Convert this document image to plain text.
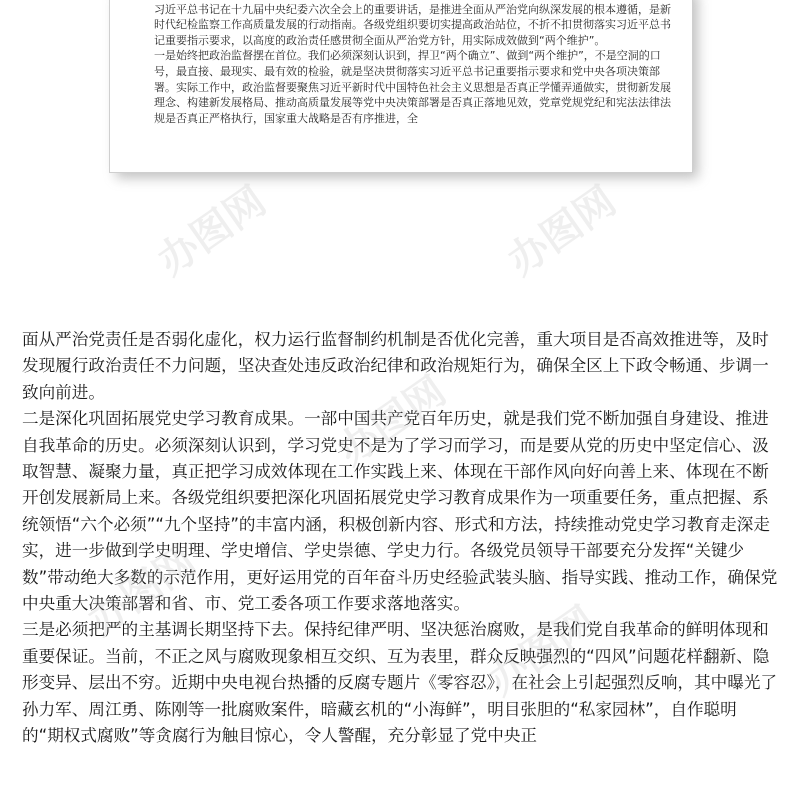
习近平总书记在十九届中央纪委六次全会上的重要讲话，是推进全面从严治党向纵深发展的根本遵循，是新时代纪检监察工作高质量发展的行动指南。各级党组织要切实提高政治站位，不折不扣贯彻落实习近平总书记重要指示要求，以高度的政治责任感贯彻全面从严治党方针，用实际成效做到“两个维护”。

一是始终把政治监督摆在首位。我们必须深刻认识到，捍卫“两个确立”、做到“两个维护”，不是空洞的口号，最直接、最现实、最有效的检验，就是坚决贯彻落实习近平总书记重要指示要求和党中央各项决策部署。实际工作中，政治监督要聚焦习近平新时代中国特色社会主义思想是否真正学懂弄通做实，贯彻新发展理念、构建新发展格局、推动高质量发展等党中央决策部署是否真正落地见效，党章党规党纪和宪法法律法规是否真正严格执行，国家重大战略是否有序推进，全

面从严治党责任是否弱化虚化，权力运行监督制约机制是否优化完善，重大项目是否高效推进等，及时发现履行政治责任不力问题，坚决查处违反政治纪律和政治规矩行为，确保全区上下政令畅通、步调一致向前进。

二是深化巩固拓展党史学习教育成果。一部中国共产党百年历史，就是我们党不断加强自身建设、推进自我革命的历史。必须深刻认识到，学习党史不是为了学习而学习，而是要从党的历史中坚定信心、汲取智慧、凝聚力量，真正把学习成效体现在工作实践上来、体现在干部作风向好向善上来、体现在不断开创发展新局上来。各级党组织要把深化巩固拓展党史学习教育成果作为一项重要任务，重点把握、系统领悟“六个必须”“九个坚持”的丰富内涵，积极创新内容、形式和方法，持续推动党史学习教育走深走实，进一步做到学史明理、学史增信、学史崇德、学史力行。各级党员领导干部要充分发挥“关键少数”带动绝大多数的示范作用，更好运用党的百年奋斗历史经验武装头脑、指导实践、推动工作，确保党中央重大决策部署和省、市、党工委各项工作要求落地落实。

三是必须把严的主基调长期坚持下去。保持纪律严明、坚决惩治腐败，是我们党自我革命的鲜明体现和重要保证。当前，不正之风与腐败现象相互交织、互为表里，群众反映强烈的“四风”问题花样翻新、隐形变异、层出不穷。近期中央电视台热播的反腐专题片《零容忍》，在社会上引起强烈反响，其中曝光了孙力军、周江勇、陈刚等一批腐败案件，暗藏玄机的“小海鲜”，明目张胆的“私家园林”，自作聪明的“期权式腐败”等贪腐行为触目惊心，令人警醒，充分彰显了党中央正

办图网	办图网
办图网
办图网
办图网
